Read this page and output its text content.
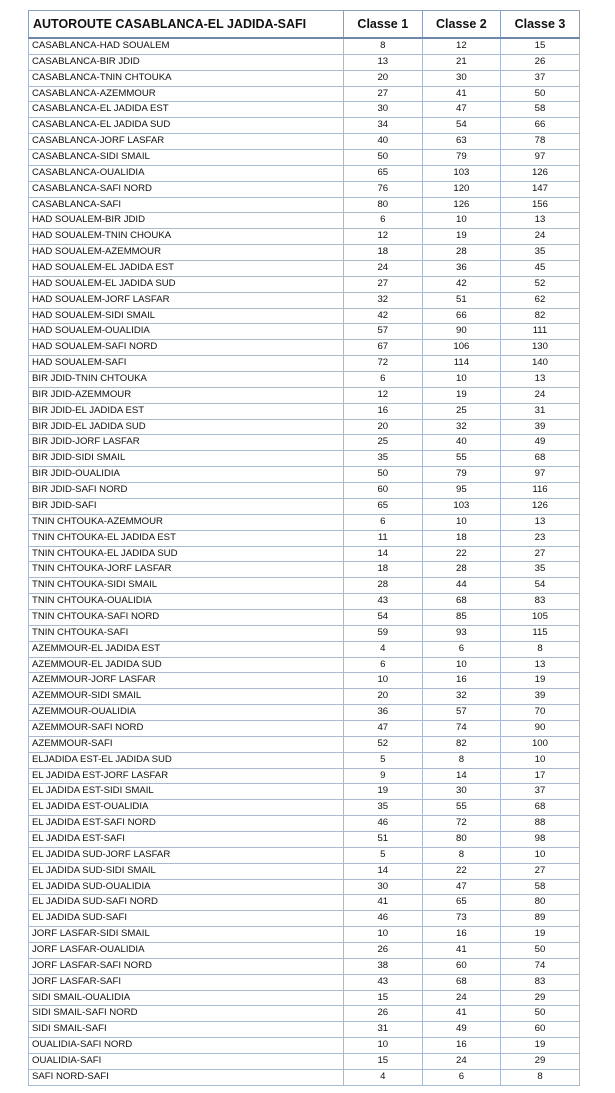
AUTOROUTE CASABLANCA-EL JADIDA-SAFI	Classe 1	Classe 2	Classe 3
CASABLANCA-HAD SOUALEM	8	12	15
CASABLANCA-BIR JDID	13	21	26
CASABLANCA-TNIN CHTOUKA	20	30	37
CASABLANCA-AZEMMOUR	27	41	50
CASABLANCA-EL JADIDA EST	30	47	58
CASABLANCA-EL JADIDA SUD	34	54	66
CASABLANCA-JORF LASFAR	40	63	78
CASABLANCA-SIDI SMAIL	50	79	97
CASABLANCA-OUALIDIA	65	103	126
CASABLANCA-SAFI NORD	76	120	147
CASABLANCA-SAFI	80	126	156
HAD SOUALEM-BIR JDID	6	10	13
HAD SOUALEM-TNIN CHOUKA	12	19	24
HAD SOUALEM-AZEMMOUR	18	28	35
HAD SOUALEM-EL JADIDA EST	24	36	45
HAD SOUALEM-EL JADIDA SUD	27	42	52
HAD SOUALEM-JORF LASFAR	32	51	62
HAD SOUALEM-SIDI SMAIL	42	66	82
HAD SOUALEM-OUALIDIA	57	90	111
HAD SOUALEM-SAFI NORD	67	106	130
HAD SOUALEM-SAFI	72	114	140
BIR JDID-TNIN CHTOUKA	6	10	13
BIR JDID-AZEMMOUR	12	19	24
BIR JDID-EL JADIDA EST	16	25	31
BIR JDID-EL JADIDA SUD	20	32	39
BIR JDID-JORF LASFAR	25	40	49
BIR JDID-SIDI SMAIL	35	55	68
BIR JDID-OUALIDIA	50	79	97
BIR JDID-SAFI NORD	60	95	116
BIR JDID-SAFI	65	103	126
TNIN CHTOUKA-AZEMMOUR	6	10	13
TNIN CHTOUKA-EL JADIDA EST	11	18	23
TNIN CHTOUKA-EL JADIDA SUD	14	22	27
TNIN CHTOUKA-JORF LASFAR	18	28	35
TNIN CHTOUKA-SIDI SMAIL	28	44	54
TNIN CHTOUKA-OUALIDIA	43	68	83
TNIN CHTOUKA-SAFI NORD	54	85	105
TNIN CHTOUKA-SAFI	59	93	115
AZEMMOUR-EL JADIDA EST	4	6	8
AZEMMOUR-EL JADIDA SUD	6	10	13
AZEMMOUR-JORF LASFAR	10	16	19
AZEMMOUR-SIDI SMAIL	20	32	39
AZEMMOUR-OUALIDIA	36	57	70
AZEMMOUR-SAFI NORD	47	74	90
AZEMMOUR-SAFI	52	82	100
ELJADIDA EST-EL JADIDA SUD	5	8	10
EL JADIDA EST-JORF LASFAR	9	14	17
EL JADIDA EST-SIDI SMAIL	19	30	37
EL JADIDA EST-OUALIDIA	35	55	68
EL JADIDA EST-SAFI NORD	46	72	88
EL JADIDA EST-SAFI	51	80	98
EL JADIDA SUD-JORF LASFAR	5	8	10
EL JADIDA SUD-SIDI SMAIL	14	22	27
EL JADIDA SUD-OUALIDIA	30	47	58
EL JADIDA SUD-SAFI NORD	41	65	80
EL JADIDA SUD-SAFI	46	73	89
JORF LASFAR-SIDI SMAIL	10	16	19
JORF LASFAR-OUALIDIA	26	41	50
JORF LASFAR-SAFI NORD	38	60	74
JORF LASFAR-SAFI	43	68	83
SIDI SMAIL-OUALIDIA	15	24	29
SIDI SMAIL-SAFI NORD	26	41	50
SIDI SMAIL-SAFI	31	49	60
OUALIDIA-SAFI NORD	10	16	19
OUALIDIA-SAFI	15	24	29
SAFI NORD-SAFI	4	6	8
